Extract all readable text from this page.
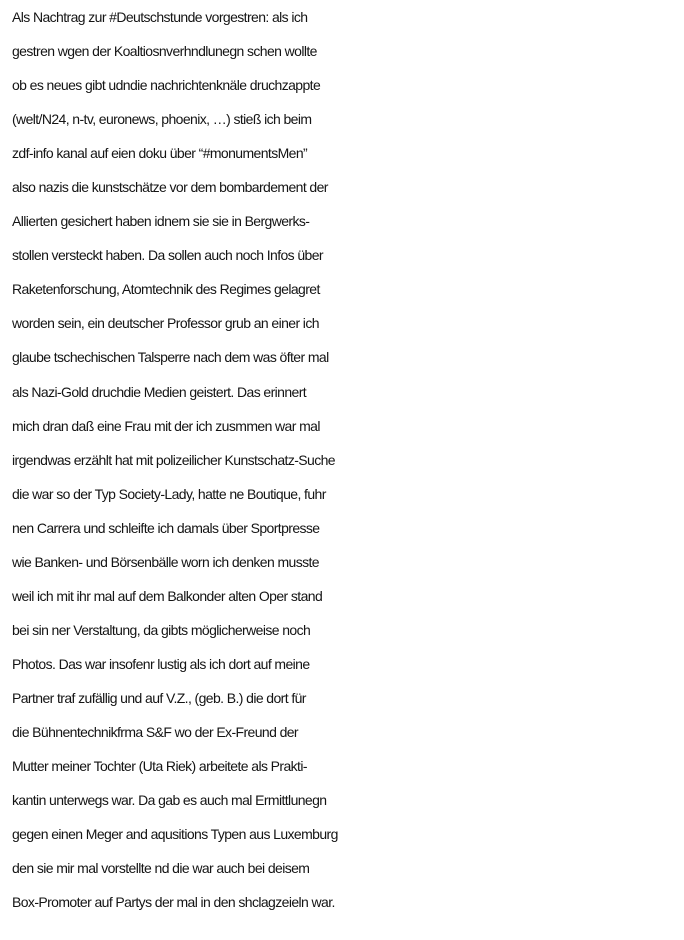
Als Nachtrag zur #Deutschstunde vorgestren: als ich
gestren wgen der Koaltiosnverhndlunegn schen wollte
ob es neues gibt udndie nachrichtenknäle druchzappte
(welt/N24, n-tv, euronews, phoenix, …) stieß ich beim
zdf-info kanal auf eien doku über “#monumentsMen”
also nazis die kunstschätze vor dem bombardement der
Allierten gesichert haben idnem sie sie in Bergwerks-
stollen versteckt haben. Da sollen auch noch Infos über
Raketenforschung, Atomtechnik des Regimes gelagret
worden sein, ein deutscher Professor grub an einer ich
glaube tschechischen Talsperre nach dem was öfter mal
als Nazi-Gold druchdie Medien geistert. Das erinnert
mich dran daß eine Frau mit der ich zusmmen war mal
irgendwas erzählt hat mit polizeilicher Kunstschatz-Suche
die war so der Typ Society-Lady, hatte ne Boutique, fuhr
nen Carrera und schleifte ich damals über Sportpresse
wie Banken- und Börsenbälle worn ich denken musste
weil ich mit ihr mal auf dem Balkonder alten Oper stand
bei sin ner Verstaltung, da gibts möglicherweise noch
Photos. Das war insofenr lustig als ich dort auf meine
Partner traf zufällig und auf V.Z., (geb. B.) die dort für
die Bühnentechnikfrma S&F wo der Ex-Freund der
Mutter meiner Tochter (Uta Riek) arbeitete als Prakti-
kantin unterwegs war. Da gab es auch mal Ermittlunegn
gegen einen Meger and aqusitions Typen aus Luxemburg
den sie mir mal vorstellte nd die war auch bei deisem
Box-Promoter auf Partys der mal in den shclagzeieln war.
